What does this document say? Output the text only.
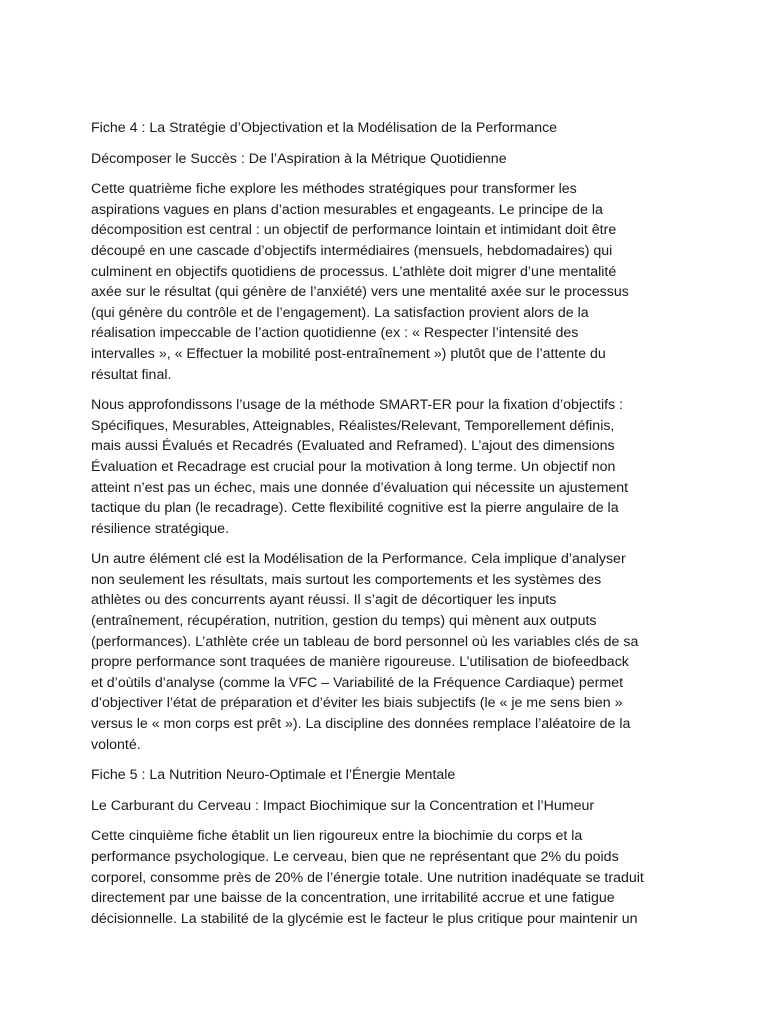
Fiche 4 : La Stratégie d’Objectivation et la Modélisation de la Performance
Décomposer le Succès : De l’Aspiration à la Métrique Quotidienne
Cette quatrième fiche explore les méthodes stratégiques pour transformer les
aspirations vagues en plans d’action mesurables et engageants. Le principe de la
décomposition est central : un objectif de performance lointain et intimidant doit être
découpé en une cascade d’objectifs intermédiaires (mensuels, hebdomadaires) qui
culminent en objectifs quotidiens de processus. L’athlète doit migrer d’une mentalité
axée sur le résultat (qui génère de l’anxiété) vers une mentalité axée sur le processus
(qui génère du contrôle et de l’engagement). La satisfaction provient alors de la
réalisation impeccable de l’action quotidienne (ex : « Respecter l’intensité des
intervalles », « Effectuer la mobilité post-entraînement ») plutôt que de l’attente du
résultat final.
Nous approfondissons l’usage de la méthode SMART-ER pour la fixation d’objectifs :
Spécifiques, Mesurables, Atteignables, Réalistes/Relevant, Temporellement définis,
mais aussi Évalués et Recadrés (Evaluated and Reframed). L’ajout des dimensions
Évaluation et Recadrage est crucial pour la motivation à long terme. Un objectif non
atteint n’est pas un échec, mais une donnée d’évaluation qui nécessite un ajustement
tactique du plan (le recadrage). Cette flexibilité cognitive est la pierre angulaire de la
résilience stratégique.
Un autre élément clé est la Modélisation de la Performance. Cela implique d’analyser
non seulement les résultats, mais surtout les comportements et les systèmes des
athlètes ou des concurrents ayant réussi. Il s’agit de décortiquer les inputs
(entraînement, récupération, nutrition, gestion du temps) qui mènent aux outputs
(performances). L’athlète crée un tableau de bord personnel où les variables clés de sa
propre performance sont traquées de manière rigoureuse. L’utilisation de biofeedback
et d’oùtils d’analyse (comme la VFC – Variabilité de la Fréquence Cardiaque) permet
d’objectiver l’état de préparation et d’éviter les biais subjectifs (le « je me sens bien »
versus le « mon corps est prêt »). La discipline des données remplace l’aléatoire de la
volonté.
Fiche 5 : La Nutrition Neuro-Optimale et l’Énergie Mentale
Le Carburant du Cerveau : Impact Biochimique sur la Concentration et l’Humeur
Cette cinquième fiche établit un lien rigoureux entre la biochimie du corps et la
performance psychologique. Le cerveau, bien que ne représentant que 2% du poids
corporel, consomme près de 20% de l’énergie totale. Une nutrition inadéquate se traduit
directement par une baisse de la concentration, une irritabilité accrue et une fatigue
décisionnelle. La stabilité de la glycémie est le facteur le plus critique pour maintenir un
